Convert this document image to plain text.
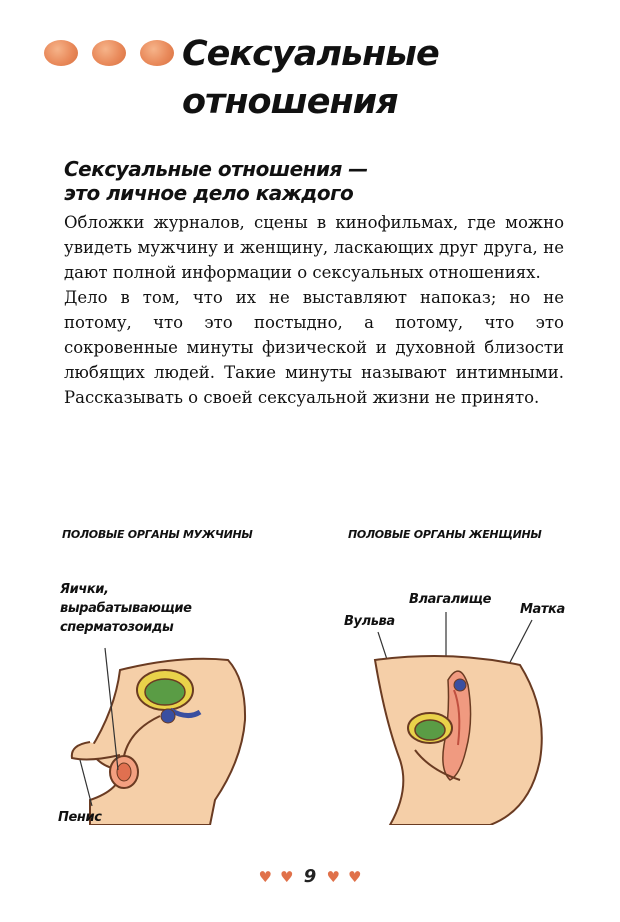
Сексуальные
отношения
Сексуальные отношения —
это личное дело каждого

Обложки журналов, сцены в кинофильмах, где можно увидеть мужчину и женщину, ласкающих друг друга, не дают полной информации о сексуальных отношениях.

Дело в том, что их не выставляют напоказ; но не потому, что это постыдно, а потому, что это сокровенные минуты физической и духовной близости любящих людей. Такие минуты называют интимными. Рассказывать о своей сексуальной жизни не принято.

ПОЛОВЫЕ ОРГАНЫ МУЖЧИНЫ

Яички,
вырабатывающие
сперматозоиды

Пенис

ПОЛОВЫЕ ОРГАНЫ ЖЕНЩИНЫ

Влагалище

Вульва

Матка

♥ ♥ 9 ♥ ♥
